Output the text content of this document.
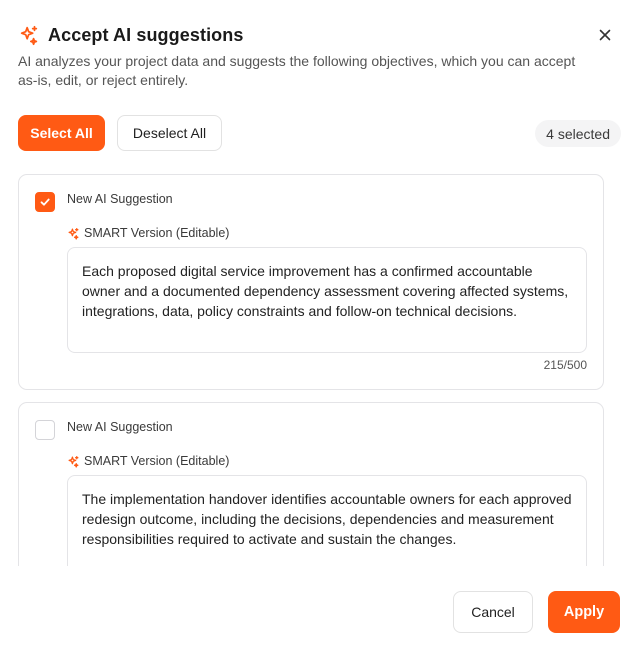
Accept AI suggestions

AI analyzes your project data and suggests the following objectives, which you can accept as-is, edit, or reject entirely.

Select All	Deselect All	4 selected
New AI Suggestion
SMART Version (Editable)
Each proposed digital service improvement has a confirmed accountable owner and a documented dependency assessment covering affected systems, integrations, data, policy constraints and follow-on technical decisions.
215/500
New AI Suggestion
SMART Version (Editable)
The implementation handover identifies accountable owners for each approved redesign outcome, including the decisions, dependencies and measurement responsibilities required to activate and sustain the changes.
Cancel	Apply
